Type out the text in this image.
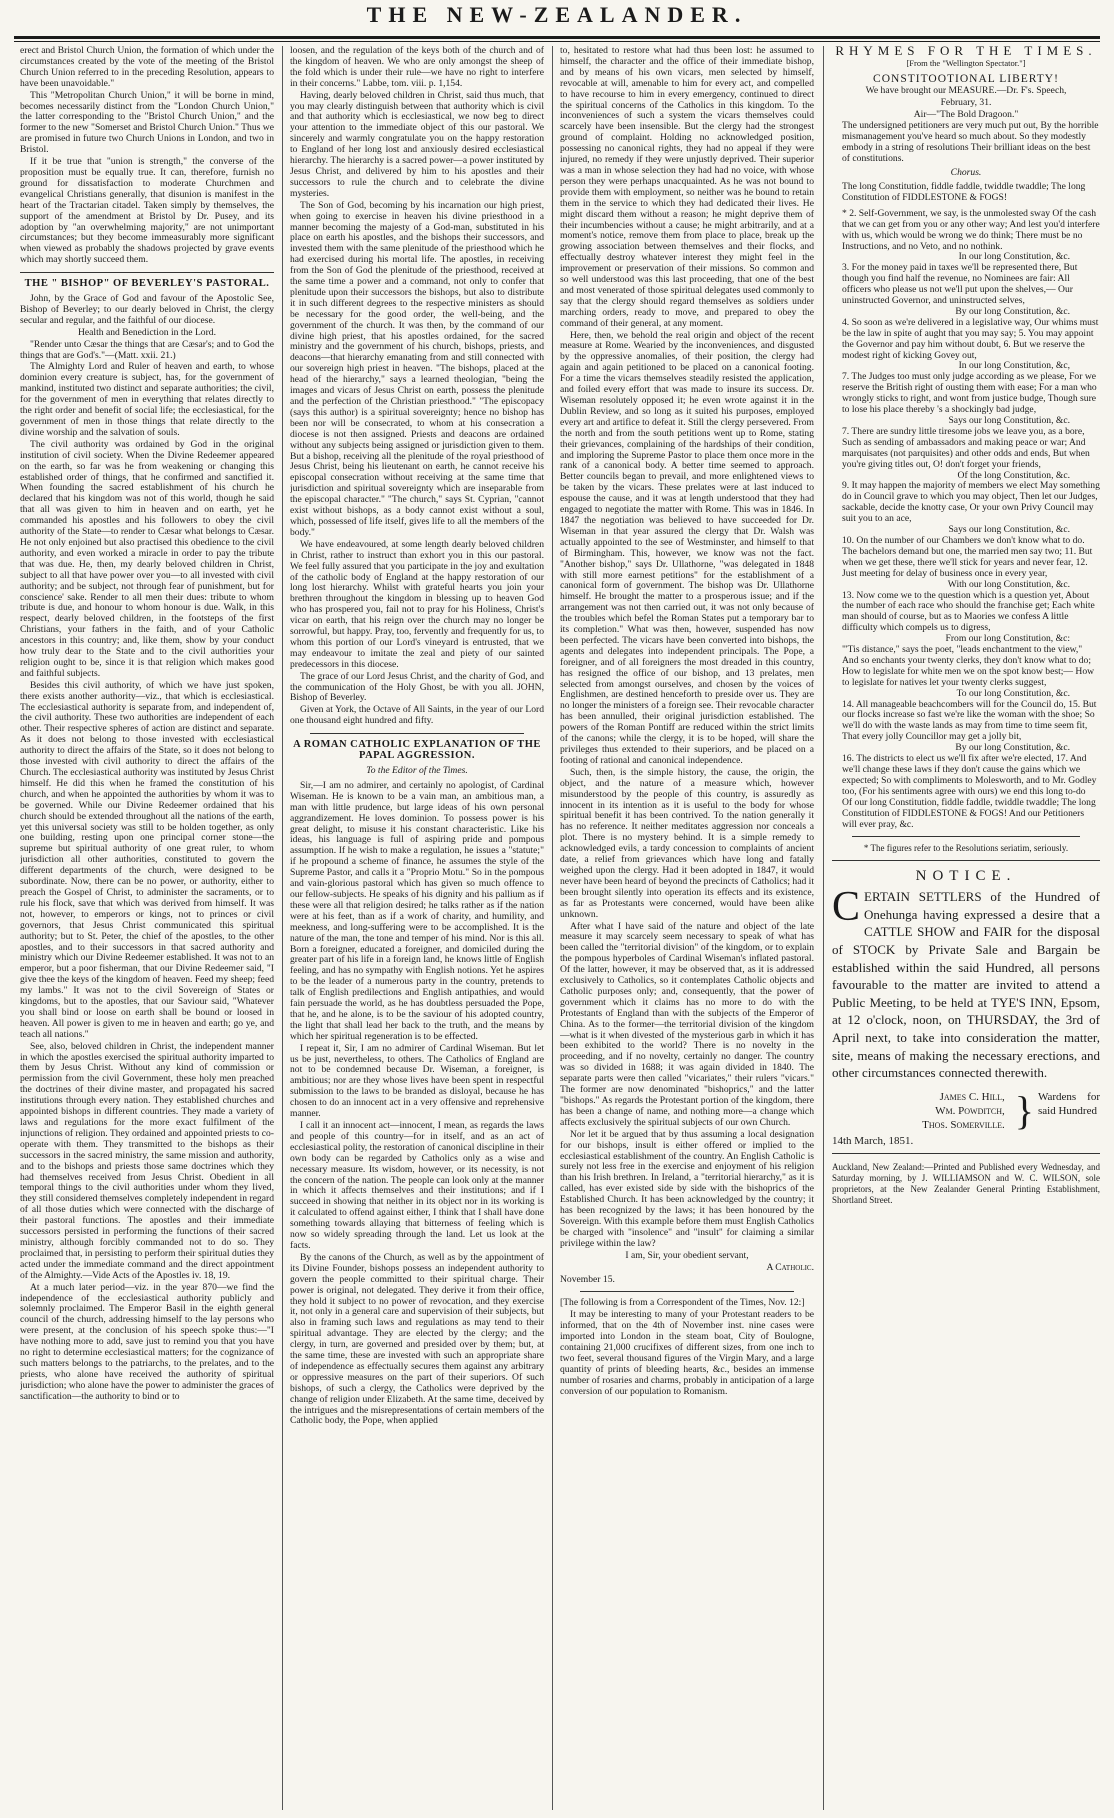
THE NEW-ZEALANDER.

erect and Bristol Church Union, the formation of which under the circumstances created by the vote of the meeting of the Bristol Church Union referred to in the preceding Resolution, appears to have been unavoidable."

This "Metropolitan Church Union," it will be borne in mind, becomes necessarily distinct from the "London Church Union," the latter corresponding to the "Bristol Church Union," and the former to the new "Somerset and Bristol Church Union." Thus we are promised in future two Church Unions in London, and two in Bristol.

If it be true that "union is strength," the converse of the proposition must be equally true. It can, therefore, furnish no ground for dissatisfaction to moderate Churchmen and evangelical Christians generally, that disunion is manifest in the heart of the Tractarian citadel. Taken simply by themselves, the support of the amendment at Bristol by Dr. Pusey, and its adoption by "an overwhelming majority," are not unimportant circumstances; but they become immeasurably more significant when viewed as probably the shadows projected by grave events which may shortly succeed them.

THE " BISHOP" OF BEVERLEY'S PASTORAL.

John, by the Grace of God and favour of the Apostolic See, Bishop of Beverley; to our dearly beloved in Christ, the clergy secular and regular, and the faithful of our diocese.

Health and Benediction in the Lord.

"Render unto Cæsar the things that are Cæsar's; and to God the things that are God's."—(Matt. xxii. 21.)

The Almighty Lord and Ruler of heaven and earth, to whose dominion every creature is subject, has, for the government of mankind, instituted two distinct and separate authorities; the civil, for the government of men in everything that relates directly to the right order and benefit of social life; the ecclesiastical, for the government of men in those things that relate directly to the divine worship and the salvation of souls.

The civil authority was ordained by God in the original institution of civil society. When the Divine Redeemer appeared on the earth, so far was he from weakening or changing this established order of things, that he confirmed and sanctified it. When founding the sacred establishment of his church he declared that his kingdom was not of this world, though he said that all was given to him in heaven and on earth, yet he commanded his apostles and his followers to obey the civil authority of the State—to render to Cæsar what belongs to Cæsar. He not only enjoined but also practised this obedience to the civil authority, and even worked a miracle in order to pay the tribute that was due. He, then, my dearly beloved children in Christ, subject to all that have power over you—to all invested with civil authority; and be subject, not through fear of punishment, but for conscience' sake. Render to all men their dues: tribute to whom tribute is due, and honour to whom honour is due. Walk, in this respect, dearly beloved children, in the footsteps of the first Christians, your fathers in the faith, and of your Catholic ancestors in this country; and, like them, show by your conduct how truly dear to the State and to the civil authorities your religion ought to be, since it is that religion which makes good and faithful subjects.

Besides this civil authority, of which we have just spoken, there exists another authority—viz., that which is ecclesiastical. The ecclesiastical authority is separate from, and independent of, the civil authority. These two authorities are independent of each other. Their respective spheres of action are distinct and separate. As it does not belong to those invested with ecclesiastical authority to direct the affairs of the State, so it does not belong to those invested with civil authority to direct the affairs of the Church. The ecclesiastical authority was instituted by Jesus Christ himself. He did this when he framed the constitution of his church, and when he appointed the authorities by whom it was to be governed. While our Divine Redeemer ordained that his church should be extended throughout all the nations of the earth, yet this universal society was still to be holden together, as only one building, resting upon one principal corner stone—the supreme but spiritual authority of one great ruler, to whom jurisdiction all other authorities, constituted to govern the different departments of the church, were designed to be subordinate. Now, there can be no power, or authority, either to preach the Gospel of Christ, to administer the sacraments, or to rule his flock, save that which was derived from himself. It was not, however, to emperors or kings, not to princes or civil governors, that Jesus Christ communicated this spiritual authority; but to St. Peter, the chief of the apostles, to the other apostles, and to their successors in that sacred authority and ministry which our Divine Redeemer established. It was not to an emperor, but a poor fisherman, that our Divine Redeemer said, "I give thee the keys of the kingdom of heaven. Feed my sheep; feed my lambs." It was not to the civil Sovereign of States or kingdoms, but to the apostles, that our Saviour said, "Whatever you shall bind or loose on earth shall be bound or loosed in heaven. All power is given to me in heaven and earth; go ye, and teach all nations."

See, also, beloved children in Christ, the independent manner in which the apostles exercised the spiritual authority imparted to them by Jesus Christ. Without any kind of commission or permission from the civil Government, these holy men preached the doctrines of their divine master, and propagated his sacred institutions through every nation. They established churches and appointed bishops in different countries. They made a variety of laws and regulations for the more exact fulfilment of the injunctions of religion. They ordained and appointed priests to co-operate with them. They transmitted to the bishops as their successors in the sacred ministry, the same mission and authority, and to the bishops and priests those same doctrines which they had themselves received from Jesus Christ. Obedient in all temporal things to the civil authorities under whom they lived, they still considered themselves completely independent in regard of all those duties which were connected with the discharge of their pastoral functions. The apostles and their immediate successors persisted in performing the functions of their sacred ministry, although forcibly commanded not to do so. They proclaimed that, in persisting to perform their spiritual duties they acted under the immediate command and the direct appointment of the Almighty.—Vide Acts of the Apostles iv. 18, 19.

At a much later period—viz. in the year 870—we find the independence of the ecclesiastical authority publicly and solemnly proclaimed. The Emperor Basil in the eighth general council of the church, addressing himself to the lay persons who were present, at the conclusion of his speech spoke thus:—"I have nothing more to add, save just to remind you that you have no right to determine ecclesiastical matters; for the cognizance of such matters belongs to the patriarchs, to the prelates, and to the priests, who alone have received the authority of spiritual jurisdiction; who alone have the power to administer the graces of sanctification—the authority to bind or to

loosen, and the regulation of the keys both of the church and of the kingdom of heaven. We who are only amongst the sheep of the fold which is under their rule—we have no right to interfere in their concerns." Labbe, tom. viii. p. 1,154.

Having, dearly beloved children in Christ, said thus much, that you may clearly distinguish between that authority which is civil and that authority which is ecclesiastical, we now beg to direct your attention to the immediate object of this our pastoral. We sincerely and warmly congratulate you on the happy restoration to England of her long lost and anxiously desired ecclesiastical hierarchy. The hierarchy is a sacred power—a power instituted by Jesus Christ, and delivered by him to his apostles and their successors to rule the church and to celebrate the divine mysteries.

The Son of God, becoming by his incarnation our high priest, when going to exercise in heaven his divine priesthood in a manner becoming the majesty of a God-man, substituted in his place on earth his apostles, and the bishops their successors, and invested them with the same plenitude of the priesthood which he had exercised during his mortal life. The apostles, in receiving from the Son of God the plenitude of the priesthood, received at the same time a power and a command, not only to confer that plenitude upon their successors the bishops, but also to distribute it in such different degrees to the respective ministers as should be necessary for the good order, the well-being, and the government of the church. It was then, by the command of our divine high priest, that his apostles ordained, for the sacred ministry and the government of his church, bishops, priests, and deacons—that hierarchy emanating from and still connected with our sovereign high priest in heaven. "The bishops, placed at the head of the hierarchy," says a learned theologian, "being the images and vicars of Jesus Christ on earth, possess the plenitude and the perfection of the Christian priesthood." "The episcopacy (says this author) is a spiritual sovereignty; hence no bishop has been nor will be consecrated, to whom at his consecration a diocese is not then assigned. Priests and deacons are ordained without any subjects being assigned or jurisdiction given to them. But a bishop, receiving all the plenitude of the royal priesthood of Jesus Christ, being his lieutenant on earth, he cannot receive his episcopal consecration without receiving at the same time that jurisdiction and spiritual sovereignty which are inseparable from the episcopal character." "The church," says St. Cyprian, "cannot exist without bishops, as a body cannot exist without a soul, which, possessed of life itself, gives life to all the members of the body."

We have endeavoured, at some length dearly beloved children in Christ, rather to instruct than exhort you in this our pastoral. We feel fully assured that you participate in the joy and exultation of the catholic body of England at the happy restoration of our long lost hierarchy. Whilst with grateful hearts you join your brethren throughout the kingdom in blessing up to heaven God who has prospered you, fail not to pray for his Holiness, Christ's vicar on earth, that his reign over the church may no longer be sorrowful, but happy. Pray, too, fervently and frequently for us, to whom this portion of our Lord's vineyard is entrusted, that we may endeavour to imitate the zeal and piety of our sainted predecessors in this diocese.

The grace of our Lord Jesus Christ, and the charity of God, and the communication of the Holy Ghost, be with you all. JOHN, Bishop of Beverley.

Given at York, the Octave of All Saints, in the year of our Lord one thousand eight hundred and fifty.

A ROMAN CATHOLIC EXPLANATION OF THE PAPAL AGGRESSION.

To the Editor of the Times.

Sir,—I am no admirer, and certainly no apologist, of Cardinal Wiseman. He is known to be a vain man, an ambitious man, a man with little prudence, but large ideas of his own personal aggrandizement. He loves dominion. To possess power is his great delight, to misuse it his constant characteristic. Like his ideas, his language is full of aspiring pride and pompous assumption. If he wish to make a regulation, he issues a "statute;" if he propound a scheme of finance, he assumes the style of the Supreme Pastor, and calls it a "Proprio Motu." So in the pompous and vain-glorious pastoral which has given so much offence to our fellow-subjects. He speaks of his dignity and his pallium as if these were all that religion desired; he talks rather as if the nation were at his feet, than as if a work of charity, and humility, and meekness, and long-suffering were to be accomplished. It is the nature of the man, the tone and temper of his mind. Nor is this all. Born a foreigner, educated a foreigner, and domiciled during the greater part of his life in a foreign land, he knows little of English feeling, and has no sympathy with English notions. Yet he aspires to be the leader of a numerous party in the country, pretends to talk of English predilections and English antipathies, and would fain persuade the world, as he has doubtless persuaded the Pope, that he, and he alone, is to be the saviour of his adopted country, the light that shall lead her back to the truth, and the means by which her spiritual regeneration is to be effected.

I repeat it, Sir, I am no admirer of Cardinal Wiseman. But let us be just, nevertheless, to others. The Catholics of England are not to be condemned because Dr. Wiseman, a foreigner, is ambitious; nor are they whose lives have been spent in respectful submission to the laws to be branded as disloyal, because he has chosen to do an innocent act in a very offensive and reprehensive manner.

I call it an innocent act—innocent, I mean, as regards the laws and people of this country—for in itself, and as an act of ecclesiastical polity, the restoration of canonical discipline in their own body can be regarded by Catholics only as a wise and necessary measure. Its wisdom, however, or its necessity, is not the concern of the nation. The people can look only at the manner in which it affects themselves and their institutions; and if I succeed in showing that neither in its object nor in its working is it calculated to offend against either, I think that I shall have done something towards allaying that bitterness of feeling which is now so widely spreading through the land. Let us look at the facts.

By the canons of the Church, as well as by the appointment of its Divine Founder, bishops possess an independent authority to govern the people committed to their spiritual charge. Their power is original, not delegated. They derive it from their office, they hold it subject to no power of revocation, and they exercise it, not only in a general care and supervision of their subjects, but also in framing such laws and regulations as may tend to their spiritual advantage. They are elected by the clergy; and the clergy, in turn, are governed and presided over by them; but, at the same time, these are invested with such an appropriate share of independence as effectually secures them against any arbitrary or oppressive measures on the part of their superiors. Of such bishops, of such a clergy, the Catholics were deprived by the change of religion under Elizabeth. At the same time, deceived by the intrigues and the misrepresentations of certain members of the Catholic body, the Pope, when applied

to, hesitated to restore what had thus been lost: he assumed to himself, the character and the office of their immediate bishop, and by means of his own vicars, men selected by himself, revocable at will, amenable to him for every act, and compelled to have recourse to him in every emergency, continued to direct the spiritual concerns of the Catholics in this kingdom. To the inconveniences of such a system the vicars themselves could scarcely have been insensible. But the clergy had the strongest ground of complaint. Holding no acknowledged position, possessing no canonical rights, they had no appeal if they were injured, no remedy if they were unjustly deprived. Their superior was a man in whose selection they had had no voice, with whose person they were perhaps unacquainted. As he was not bound to provide them with employment, so neither was he bound to retain them in the service to which they had dedicated their lives. He might discard them without a reason; he might deprive them of their incumbencies without a cause; he might arbitrarily, and at a moment's notice, remove them from place to place, break up the growing association between themselves and their flocks, and effectually destroy whatever interest they might feel in the improvement or preservation of their missions. So common and so well understood was this last proceeding, that one of the best and most venerated of those spiritual delegates used commonly to say that the clergy should regard themselves as soldiers under marching orders, ready to move, and prepared to obey the command of their general, at any moment.

Here, then, we behold the real origin and object of the recent measure at Rome. Wearied by the inconveniences, and disgusted by the oppressive anomalies, of their position, the clergy had again and again petitioned to be placed on a canonical footing. For a time the vicars themselves steadily resisted the application, and foiled every effort that was made to insure its success. Dr. Wiseman resolutely opposed it; he even wrote against it in the Dublin Review, and so long as it suited his purposes, employed every art and artifice to defeat it. Still the clergy persevered. From the north and from the south petitions went up to Rome, stating their grievances, complaining of the hardships of their condition, and imploring the Supreme Pastor to place them once more in the rank of a canonical body. A better time seemed to approach. Better councils began to prevail, and more enlightened views to be taken by the vicars. These prelates were at last induced to espouse the cause, and it was at length understood that they had engaged to negotiate the matter with Rome. This was in 1846. In 1847 the negotiation was believed to have succeeded for Dr. Wiseman in that year assured the clergy that Dr. Walsh was actually appointed to the see of Westminster, and himself to that of Birmingham. This, however, we know was not the fact. "Another bishop," says Dr. Ullathorne, "was delegated in 1848 with still more earnest petitions" for the establishment of a canonical form of government. The bishop was Dr. Ullathorne himself. He brought the matter to a prosperous issue; and if the arrangement was not then carried out, it was not only because of the troubles which befel the Roman States put a temporary bar to its completion." What was then, however, suspended has now been perfected. The vicars have been converted into bishops, the agents and delegates into independent principals. The Pope, a foreigner, and of all foreigners the most dreaded in this country, has resigned the office of our bishop, and 13 prelates, men selected from amongst ourselves, and chosen by the voices of Englishmen, are destined henceforth to preside over us. They are no longer the ministers of a foreign see. Their revocable character has been annulled, their original jurisdiction established. The powers of the Roman Pontiff are reduced within the strict limits of the canons; while the clergy, it is to be hoped, will share the privileges thus extended to their superiors, and be placed on a footing of rational and canonical independence.

Such, then, is the simple history, the cause, the origin, the object, and the nature of a measure which, however misunderstood by the people of this country, is assuredly as innocent in its intention as it is useful to the body for whose spiritual benefit it has been contrived. To the nation generally it has no reference. It neither meditates aggression nor conceals a plot. There is no mystery behind. It is a simple remedy to acknowledged evils, a tardy concession to complaints of ancient date, a relief from grievances which have long and fatally weighed upon the clergy. Had it been adopted in 1847, it would never have been heard of beyond the precincts of Catholics; had it been brought silently into operation its effects and its existence, as far as Protestants were concerned, would have been alike unknown.

After what I have said of the nature and object of the late measure it may scarcely seem necessary to speak of what has been called the "territorial division" of the kingdom, or to explain the pompous hyperboles of Cardinal Wiseman's inflated pastoral. Of the latter, however, it may be observed that, as it is addressed exclusively to Catholics, so it contemplates Catholic objects and Catholic purposes only; and, consequently, that the power of government which it claims has no more to do with the Protestants of England than with the subjects of the Emperor of China. As to the former—the territorial division of the kingdom—what is it when divested of the mysterious garb in which it has been exhibited to the world? There is no novelty in the proceeding, and if no novelty, certainly no danger. The country was so divided in 1688; it was again divided in 1840. The separate parts were then called "vicariates," their rulers "vicars." The former are now denominated "bishoprics," and the latter "bishops." As regards the Protestant portion of the kingdom, there has been a change of name, and nothing more—a change which affects exclusively the spiritual subjects of our own Church.

Nor let it be argued that by thus assuming a local designation for our bishops, insult is either offered or implied to the ecclesiastical establishment of the country. An English Catholic is surely not less free in the exercise and enjoyment of his religion than his Irish brethren. In Ireland, a "territorial hierarchy," as it is called, has ever existed side by side with the bishoprics of the Established Church. It has been acknowledged by the country; it has been recognized by the laws; it has been honoured by the Sovereign. With this example before them must English Catholics be charged with "insolence" and "insult" for claiming a similar privilege within the law?

I am, Sir, your obedient servant,

A Catholic.

November 15.

[The following is from a Correspondent of the Times, Nov. 12:]

It may be interesting to many of your Protestant readers to be informed, that on the 4th of November inst. nine cases were imported into London in the steam boat, City of Boulogne, containing 21,000 crucifixes of different sizes, from one inch to two feet, several thousand figures of the Virgin Mary, and a large quantity of prints of bleeding hearts, &c., besides an immense number of rosaries and charms, probably in anticipation of a large conversion of our population to Romanism.

RHYMES FOR THE TIMES.

[From the "Wellington Spectator."]

CONSTITOOTIONAL LIBERTY!

We have brought our MEASURE.—Dr. F's. Speech,

February, 31.

Air—"The Bold Dragoon."

The undersigned petitioners are very much put out, By the horrible mismanagement you've heard so much about. So they modestly embody in a string of resolutions Their brilliant ideas on the best of constitutions.

Chorus.

The long Constitution, fiddle faddle, twiddle twaddle; The long Constitution of FIDDLESTONE & FOGS!

* 2. Self-Government, we say, is the unmolested sway Of the cash that we can get from you or any other way; And lest you'd interfere with us, which would be wrong we do think; There must be no Instructions, and no Veto, and no nothink.

In our long Constitution, &c.

3. For the money paid in taxes we'll be represented there, But though you find half the revenue, no Nominees are fair: All officers who please us not we'll put upon the shelves,— Our uninstructed Governor, and uninstructed selves,

By our long Constitution, &c.

4. So soon as we're delivered in a legislative way, Our whims must be the law in spite of aught that you may say; 5. You may appoint the Governor and pay him without doubt, 6. But we reserve the modest right of kicking Govey out,

In our long Constitution, &c,

7. The Judges too must only judge according as we please, For we reserve the British right of ousting them with ease; For a man who wrongly sticks to right, and wont from justice budge, Though sure to lose his place thereby 's a shockingly bad judge,

Says our long Constitution, &c.

7. There are sundry little tiresome jobs we leave you, as a bore, Such as sending of ambassadors and making peace or war; And marquisates (not parquisites) and other odds and ends, But when you're giving titles out, O! don't forget your friends,

Of the long Constitution, &c.

9. It may happen the majority of members we elect May something do in Council grave to which you may object, Then let our Judges, sackable, decide the knotty case, Or your own Privy Council may suit you to an ace,

Says our long Constitution, &c.

10. On the number of our Chambers we don't know what to do. The bachelors demand but one, the married men say two; 11. But when we get these, there we'll stick for years and never fear, 12. Just meeting for delay of business once in every year,

With our long Constitution, &c.

13. Now come we to the question which is a question yet, About the number of each race who should the franchise get; Each white man should of course, but as to Maories we confess A little difficulty which compels us to digress,

From our long Constitution, &c:

"'Tis distance," says the poet, "leads enchantment to the view," And so enchants your twenty clerks, they don't know what to do; How to legislate for white men we on the spot know best;— How to legislate for natives let your twenty clerks suggest,

To our long Constitution, &c.

14. All manageable beachcombers will for the Council do, 15. But our flocks increase so fast we're like the woman with the shoe; So we'll do with the waste lands as may from time to time seem fit, That every jolly Councillor may get a jolly bit,

By our long Constitution, &c.

16. The districts to elect us we'll fix after we're elected, 17. And we'll change these laws if they don't cause the gains which we expected; So with compliments to Molesworth, and to Mr. Godley too, (For his sentiments agree with ours) we end this long to-do

Of our long Constitution, fiddle faddle, twiddle twaddle; The long Constitution of FIDDLESTONE & FOGS! And our Petitioners will ever pray, &c.

* The figures refer to the Resolutions seriatim, seriously.

NOTICE.

CERTAIN SETTLERS of the Hundred of Onehunga having expressed a desire that a CATTLE SHOW and FAIR for the disposal of STOCK by Private Sale and Bargain be established within the said Hundred, all persons favourable to the matter are invited to attend a Public Meeting, to be held at TYE'S INN, Epsom, at 12 o'clock, noon, on THURSDAY, the 3rd of April next, to take into consideration the matter, site, means of making the necessary erections, and other circumstances connected therewith.
James C. Hill,
Wm. Powditch,
Thos. Somerville. } Wardens for said Hundred
14th March, 1851.

Auckland, New Zealand:—Printed and Published every Wednesday, and Saturday morning, by J. WILLIAMSON and W. C. WILSON, sole proprietors, at the New Zealander General Printing Establishment, Shortland Street.
